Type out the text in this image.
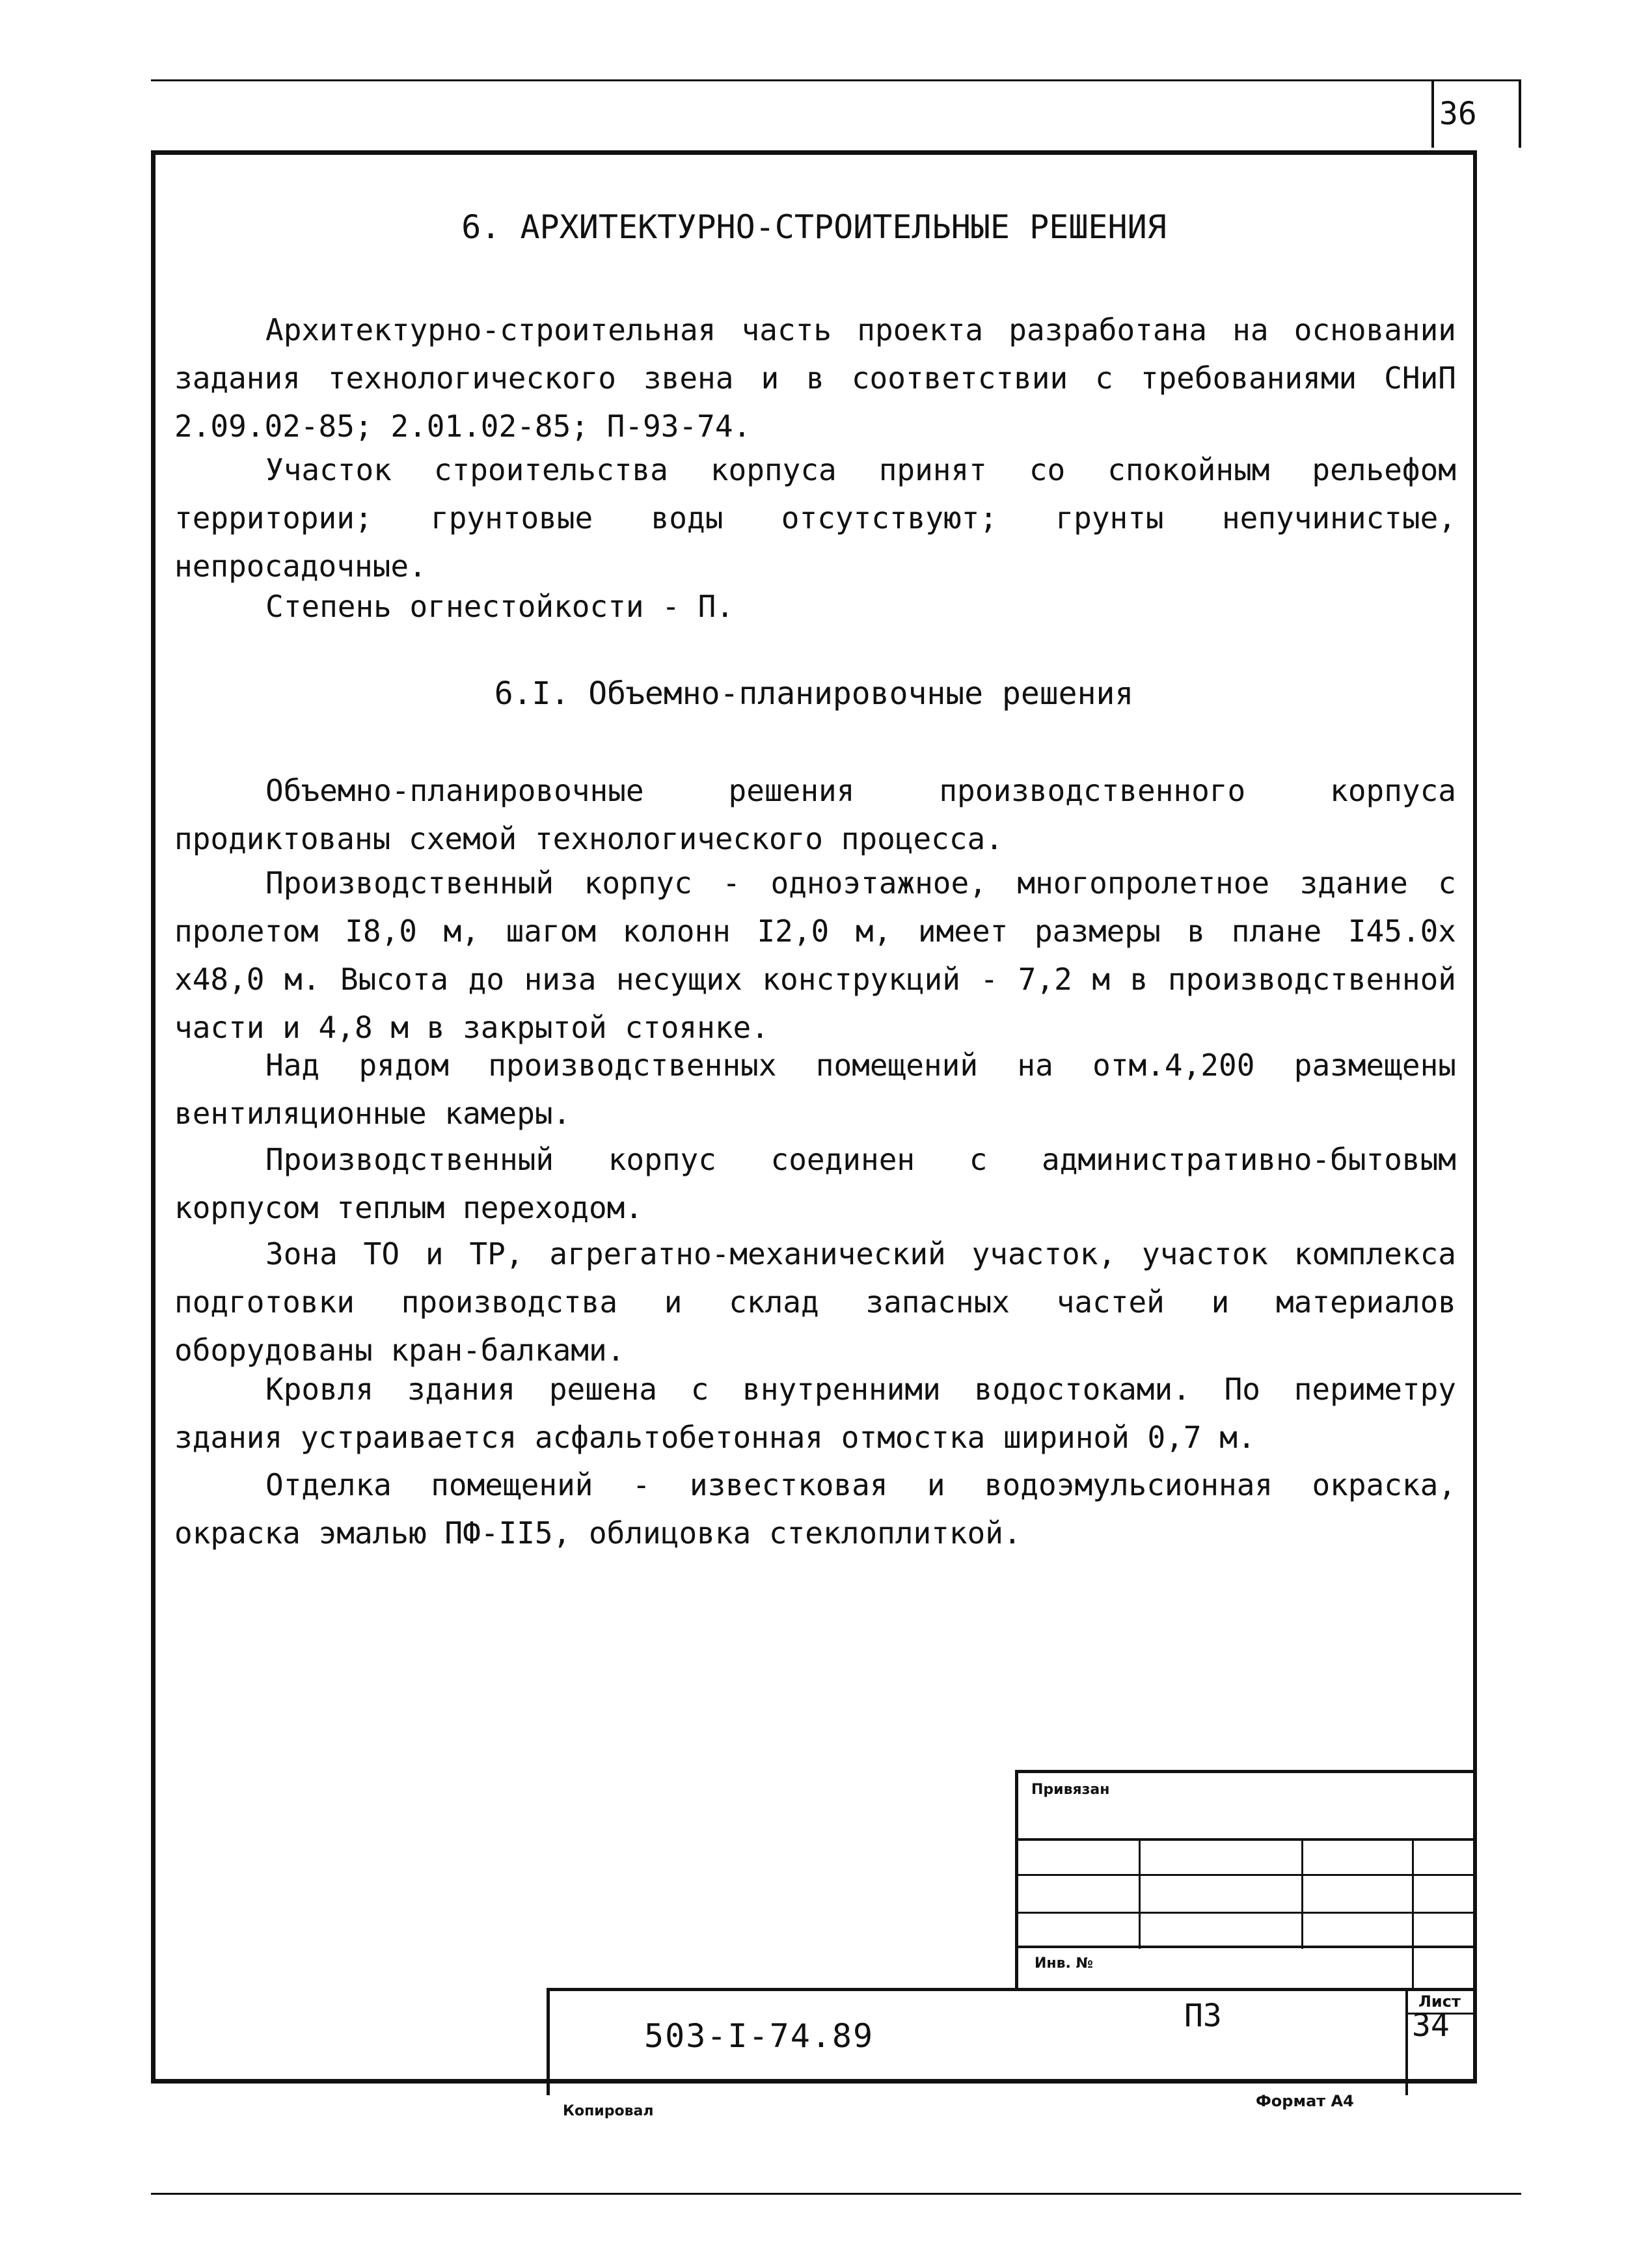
36
6. АРХИТЕКТУРНО-СТРОИТЕЛЬНЫЕ РЕШЕНИЯ
Архитектурно-строительная часть проекта разработана на основании задания технологического звена и в соответствии с требованиями СНиП 2.09.02-85; 2.01.02-85; П-93-74.
Участок строительства корпуса принят со спокойным рельефом территории; грунтовые воды отсутствуют; грунты непучинистые, непросадочные.
Степень огнестойкости - П.
6.I. Объемно-планировочные решения
Объемно-планировочные решения производственного корпуса продиктованы схемой технологического процесса.
Производственный корпус - одноэтажное, многопролетное здание с пролетом I8,0 м, шагом колонн I2,0 м, имеет размеры в плане I45.0х х48,0 м. Высота до низа несущих конструкций - 7,2 м в производственной части и 4,8 м в закрытой стоянке.
Над рядом производственных помещений на отм.4,200 размещены вентиляционные камеры.
Производственный корпус соединен с административно-бытовым корпусом теплым переходом.
Зона ТО и ТР, агрегатно-механический участок, участок комплекса подготовки производства и склад запасных частей и материалов оборудованы кран-балками.
Кровля здания решена с внутренними водостоками. По периметру здания устраивается асфальтобетонная отмостка шириной 0,7 м.
Отделка помещений - известковая и водоэмульсионная окраска, окраска эмалью ПФ-II5, облицовка стеклоплиткой.
Привязан
Инв. №
Лист
503-I-74.89
ПЗ	34
Копировал
Формат А4
